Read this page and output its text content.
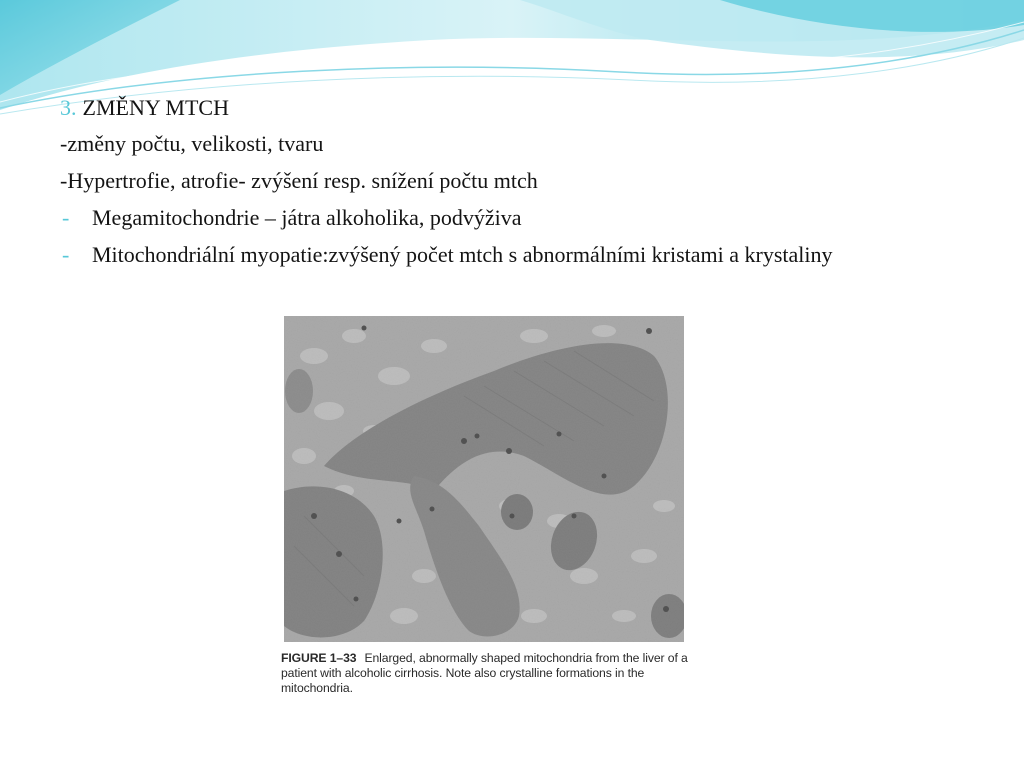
3. ZMĚNY MTCH
-změny počtu, velikosti, tvaru
-Hypertrofie, atrofie- zvýšení resp. snížení počtu mtch
- Megamitochondrie – játra alkoholika, podvýživa
- Mitochondriální myopatie:zvýšený počet mtch s abnormálními kristami a krystaliny
FIGURE 1–33 Enlarged, abnormally shaped mitochondria from the liver of a patient with alcoholic cirrhosis. Note also crystalline formations in the mitochondria.
